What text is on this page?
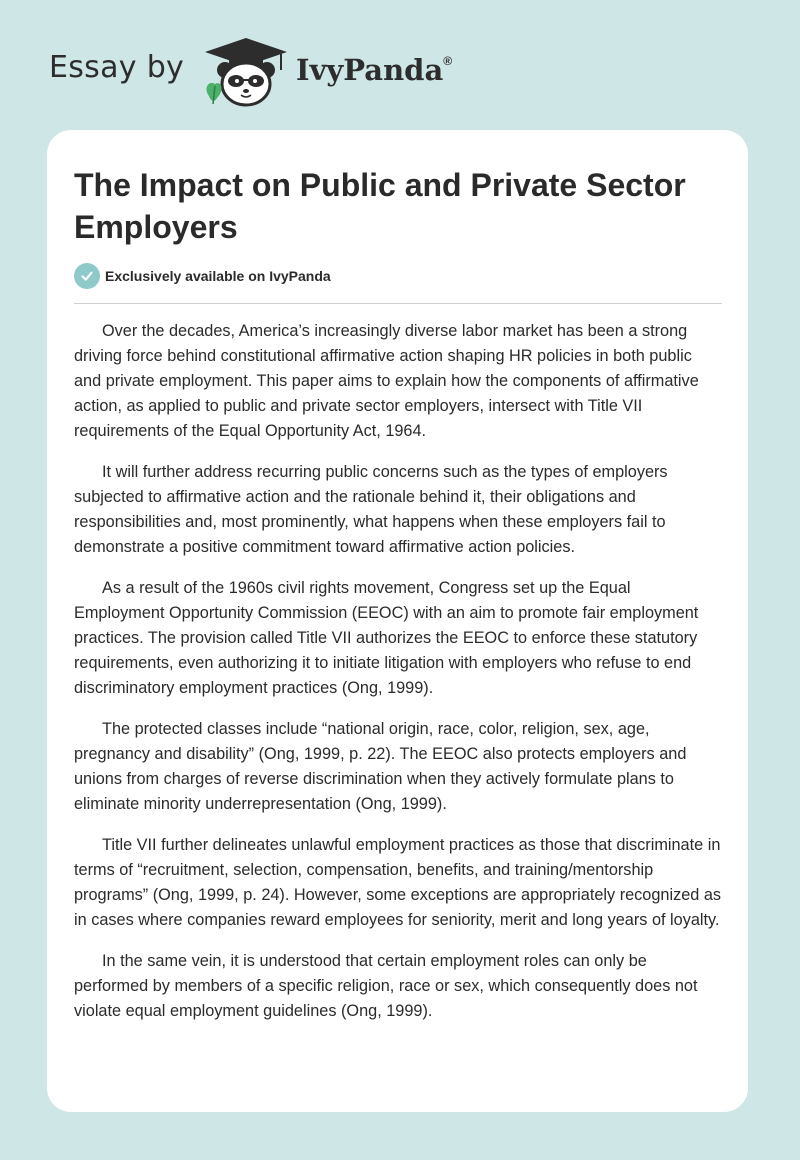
Essay by	IvyPanda®
The Impact on Public and Private Sector Employers
Exclusively available on IvyPanda

Over the decades, America’s increasingly diverse labor market has been a strong driving force behind constitutional affirmative action shaping HR policies in both public and private employment. This paper aims to explain how the components of affirmative action, as applied to public and private sector employers, intersect with Title VII requirements of the Equal Opportunity Act, 1964.

It will further address recurring public concerns such as the types of employers subjected to affirmative action and the rationale behind it, their obligations and responsibilities and, most prominently, what happens when these employers fail to demonstrate a positive commitment toward affirmative action policies.

As a result of the 1960s civil rights movement, Congress set up the Equal Employment Opportunity Commission (EEOC) with an aim to promote fair employment practices. The provision called Title VII authorizes the EEOC to enforce these statutory requirements, even authorizing it to initiate litigation with employers who refuse to end discriminatory employment practices (Ong, 1999).

The protected classes include “national origin, race, color, religion, sex, age, pregnancy and disability” (Ong, 1999, p. 22). The EEOC also protects employers and unions from charges of reverse discrimination when they actively formulate plans to eliminate minority underrepresentation (Ong, 1999).

Title VII further delineates unlawful employment practices as those that discriminate in terms of “recruitment, selection, compensation, benefits, and training/mentorship programs” (Ong, 1999, p. 24). However, some exceptions are appropriately recognized as in cases where companies reward employees for seniority, merit and long years of loyalty.

In the same vein, it is understood that certain employment roles can only be performed by members of a specific religion, race or sex, which consequently does not violate equal employment guidelines (Ong, 1999).
